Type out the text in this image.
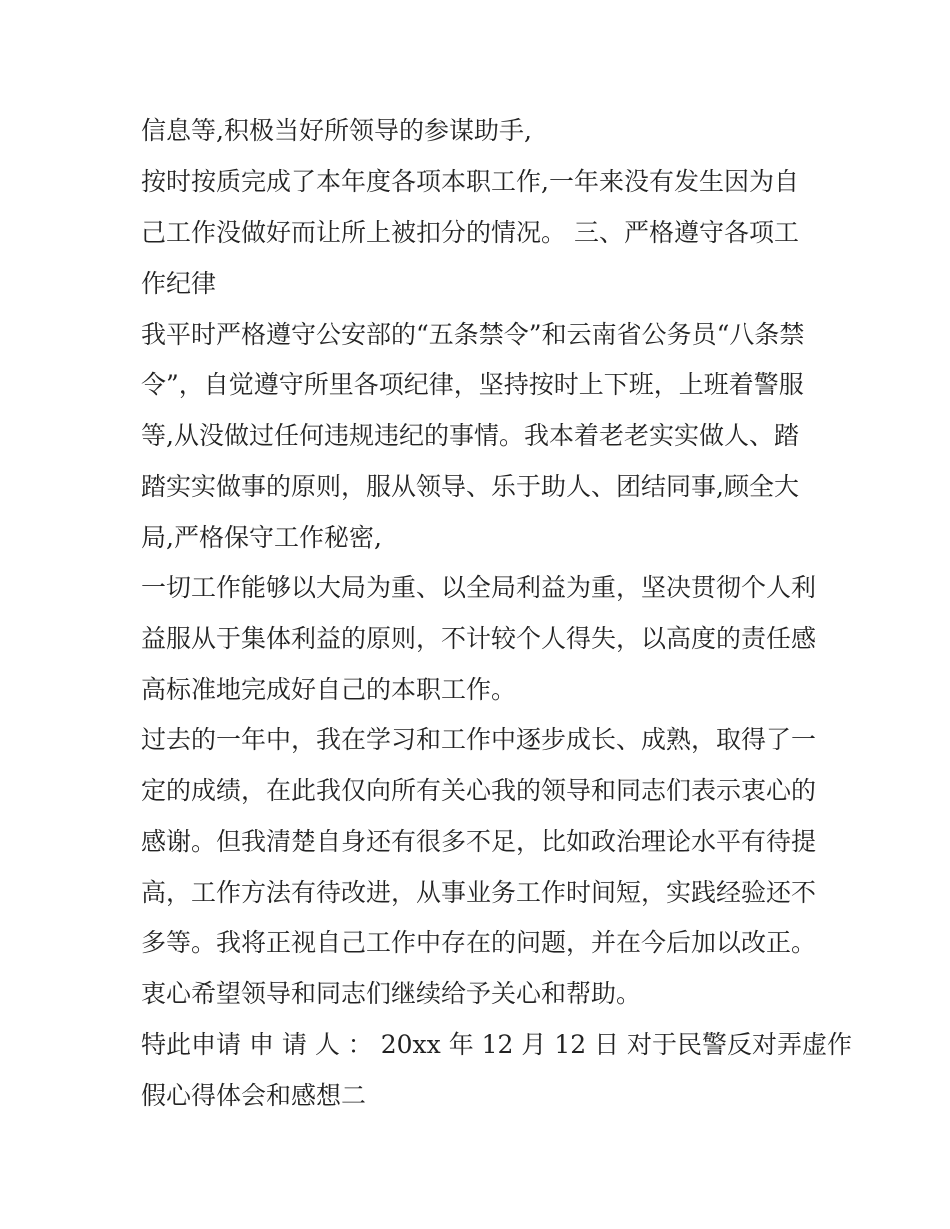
信息等,积极当好所领导的参谋助手,

按时按质完成了本年度各项本职工作,一年来没有发生因为自

己工作没做好而让所上被扣分的情况。 三、严格遵守各项工

作纪律

我平时严格遵守公安部的“五条禁令”和云南省公务员“八条禁

令”，自觉遵守所里各项纪律，坚持按时上下班，上班着警服

等,从没做过任何违规违纪的事情。我本着老老实实做人、踏

踏实实做事的原则，服从领导、乐于助人、团结同事,顾全大

局,严格保守工作秘密,

一切工作能够以大局为重、以全局利益为重，坚决贯彻个人利

益服从于集体利益的原则，不计较个人得失，以高度的责任感

高标准地完成好自己的本职工作。

过去的一年中，我在学习和工作中逐步成长、成熟，取得了一

定的成绩，在此我仅向所有关心我的领导和同志们表示衷心的

感谢。但我清楚自身还有很多不足，比如政治理论水平有待提

高，工作方法有待改进，从事业务工作时间短，实践经验还不

多等。我将正视自己工作中存在的问题，并在今后加以改正。

衷心希望领导和同志们继续给予关心和帮助。

特此申请 申 请 人 ： 20xx 年 12 月 12 日 对于民警反对弄虚作

假心得体会和感想二
